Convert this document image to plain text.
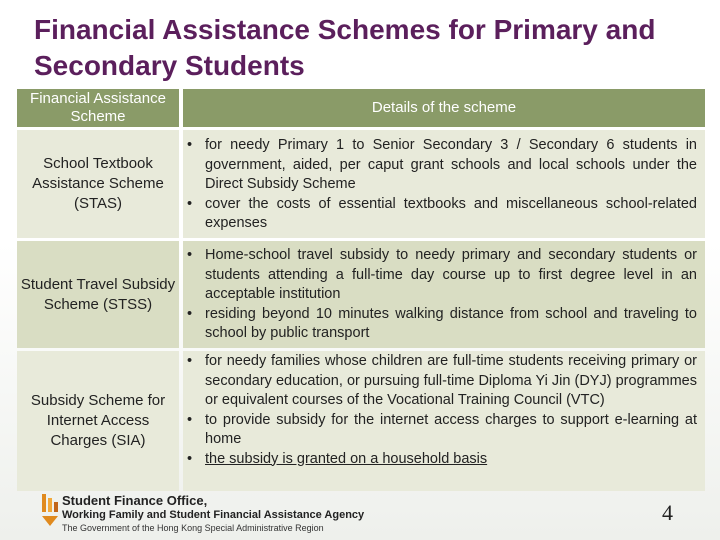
Financial Assistance Schemes for Primary and Secondary Students
Financial Assistance Scheme
Details of the scheme
School Textbook Assistance Scheme (STAS)
• for needy Primary 1 to Senior Secondary 3 / Secondary 6 students in government, aided, per caput grant schools and local schools under the Direct Subsidy Scheme
• cover the costs of essential textbooks and miscellaneous school-related expenses
Student Travel Subsidy Scheme (STSS)
• Home-school travel subsidy to needy primary and secondary students or students attending a full-time day course up to first degree level in an acceptable institution
• residing beyond 10 minutes walking distance from school and traveling to school by public transport
Subsidy Scheme for Internet Access Charges (SIA)
• for needy families whose children are full-time students receiving primary or secondary education, or pursuing full-time Diploma Yi Jin (DYJ) programmes or equivalent courses of the Vocational Training Council (VTC)
• to provide subsidy for the internet access charges to support e-learning at home
• the subsidy is granted on a household basis
Student Finance Office,
Working Family and Student Financial Assistance Agency
The Government of the Hong Kong Special Administrative Region
4
